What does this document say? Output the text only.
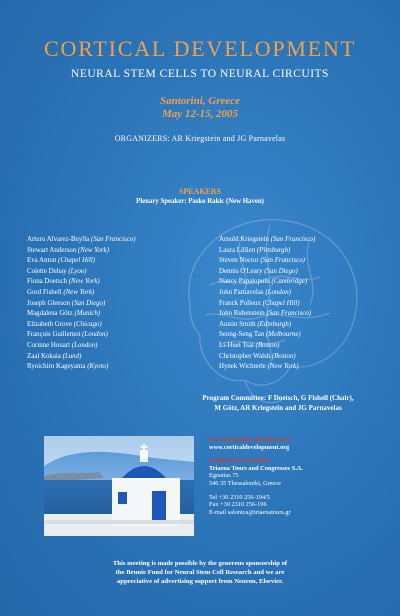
CORTICAL DEVELOPMENT
NEURAL STEM CELLS TO NEURAL CIRCUITS
Santorini, Greece
May 12-15, 2005
ORGANIZERS: AR Kriegstein and JG Parnavelas
SPEAKERS
Plenary Speaker: Pasko Rakic (New Haven)
Arturo Alvarez-Buylla (San Francisco)
Stewart Anderson (New York)
Eva Anton (Chapel Hill)
Colette Dehay (Lyon)
Fiona Doetsch (New York)
Gord Fishell (New York)
Joseph Gleeson (San Diego)
Magdalena Götz (Munich)
Elizabeth Grove (Chicago)
François Guillemot (London)
Corinne Houart (London)
Zaal Kokaia (Lund)
Ryoichiro Kageyama (Kyoto)
Arnold Kriegstein (San Francisco)
Laura Lillien (Pittsburgh)
Steven Noctor (San Francisco)
Dennis O'Leary (San Diego)
Nancy Papalopulu (Cambridge)
John Parnavelas (London)
Franck Polleux (Chapel Hill)
John Rubenstein (San Francisco)
Austin Smith (Edinburgh)
Seong-Seng Tan (Melbourne)
Li-Huei Tsai (Boston)
Christopher Walsh (Boston)
Hynek Wichterle (New York)
Program Committee: F Doetsch, G Fishell (Chair),
M Götz, AR Kriegstein and JG Parnavelas
For information and abstracts
www.corticaldevelopment.org
Conference secretariat
Triaena Tours and Congresses S.A.
Egnatias 75
546 35 Thessaloniki, Greece
Tel +30 2310 256-194/5
Fax +30 2310 256-196
E-mail salonica@triaenatours.gr
This meeting is made possible by the generous sponsorship of
the Brunie Fund for Neural Stem Cell Research and we are
appreciative of advertising support from Neuron, Elsevier.
